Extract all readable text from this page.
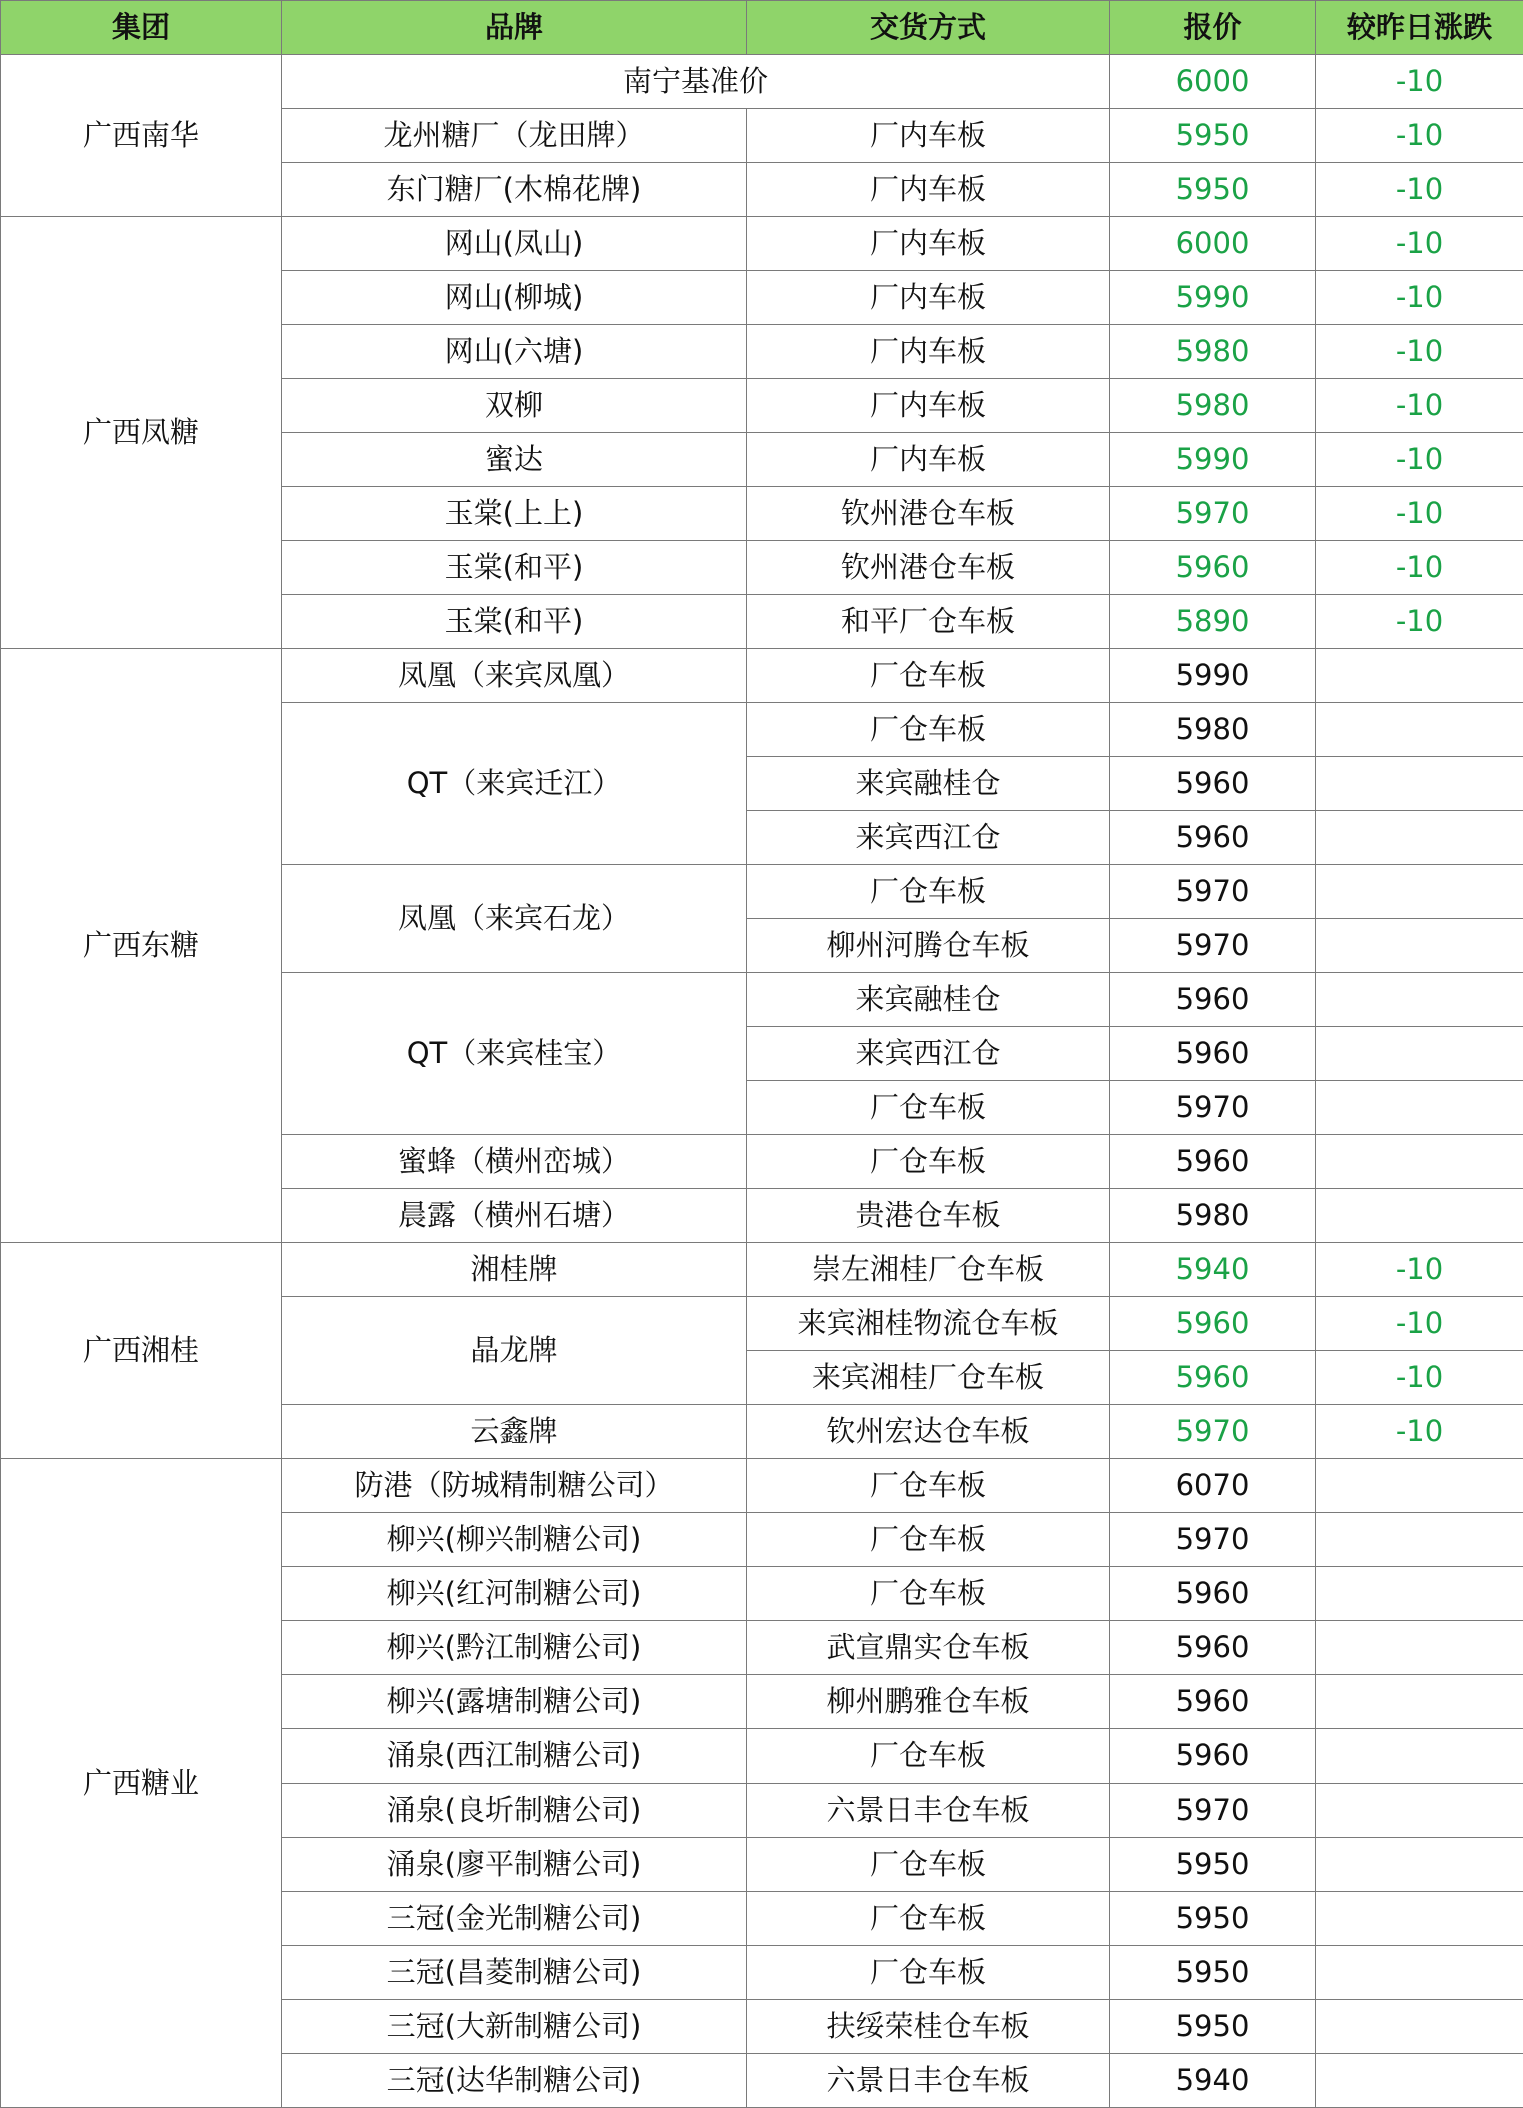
集团	品牌	交货方式	报价	较昨日涨跌
广西南华	南宁基准价		6000	-10
	龙州糖厂（龙田牌）	厂内车板	5950	-10
	东门糖厂(木棉花牌)	厂内车板	5950	-10
广西凤糖	网山(凤山)	厂内车板	6000	-10
	网山(柳城)	厂内车板	5990	-10
	网山(六塘)	厂内车板	5980	-10
	双柳	厂内车板	5980	-10
	蜜达	厂内车板	5990	-10
	玉棠(上上)	钦州港仓车板	5970	-10
	玉棠(和平)	钦州港仓车板	5960	-10
	玉棠(和平)	和平厂仓车板	5890	-10
广西东糖	凤凰（来宾凤凰）	厂仓车板	5990	
	QT（来宾迁江）	厂仓车板	5980	
		来宾融桂仓	5960	
		来宾西江仓	5960	
	凤凰（来宾石龙）	厂仓车板	5970	
		柳州河腾仓车板	5970	
	QT（来宾桂宝）	来宾融桂仓	5960	
		来宾西江仓	5960	
		厂仓车板	5970	
	蜜蜂（横州峦城）	厂仓车板	5960	
	晨露（横州石塘）	贵港仓车板	5980	
广西湘桂	湘桂牌	崇左湘桂厂仓车板	5940	-10
	晶龙牌	来宾湘桂物流仓车板	5960	-10
		来宾湘桂厂仓车板	5960	-10
	云鑫牌	钦州宏达仓车板	5970	-10
广西糖业	防港（防城精制糖公司）	厂仓车板	6070	
	柳兴(柳兴制糖公司)	厂仓车板	5970	
	柳兴(红河制糖公司)	厂仓车板	5960	
	柳兴(黔江制糖公司)	武宣鼎实仓车板	5960	
	柳兴(露塘制糖公司)	柳州鹏雅仓车板	5960	
	涌泉(西江制糖公司)	厂仓车板	5960	
	涌泉(良圻制糖公司)	六景日丰仓车板	5970	
	涌泉(廖平制糖公司)	厂仓车板	5950	
	三冠(金光制糖公司)	厂仓车板	5950	
	三冠(昌菱制糖公司)	厂仓车板	5950	
	三冠(大新制糖公司)	扶绥荣桂仓车板	5950	
	三冠(达华制糖公司)	六景日丰仓车板	5940	
